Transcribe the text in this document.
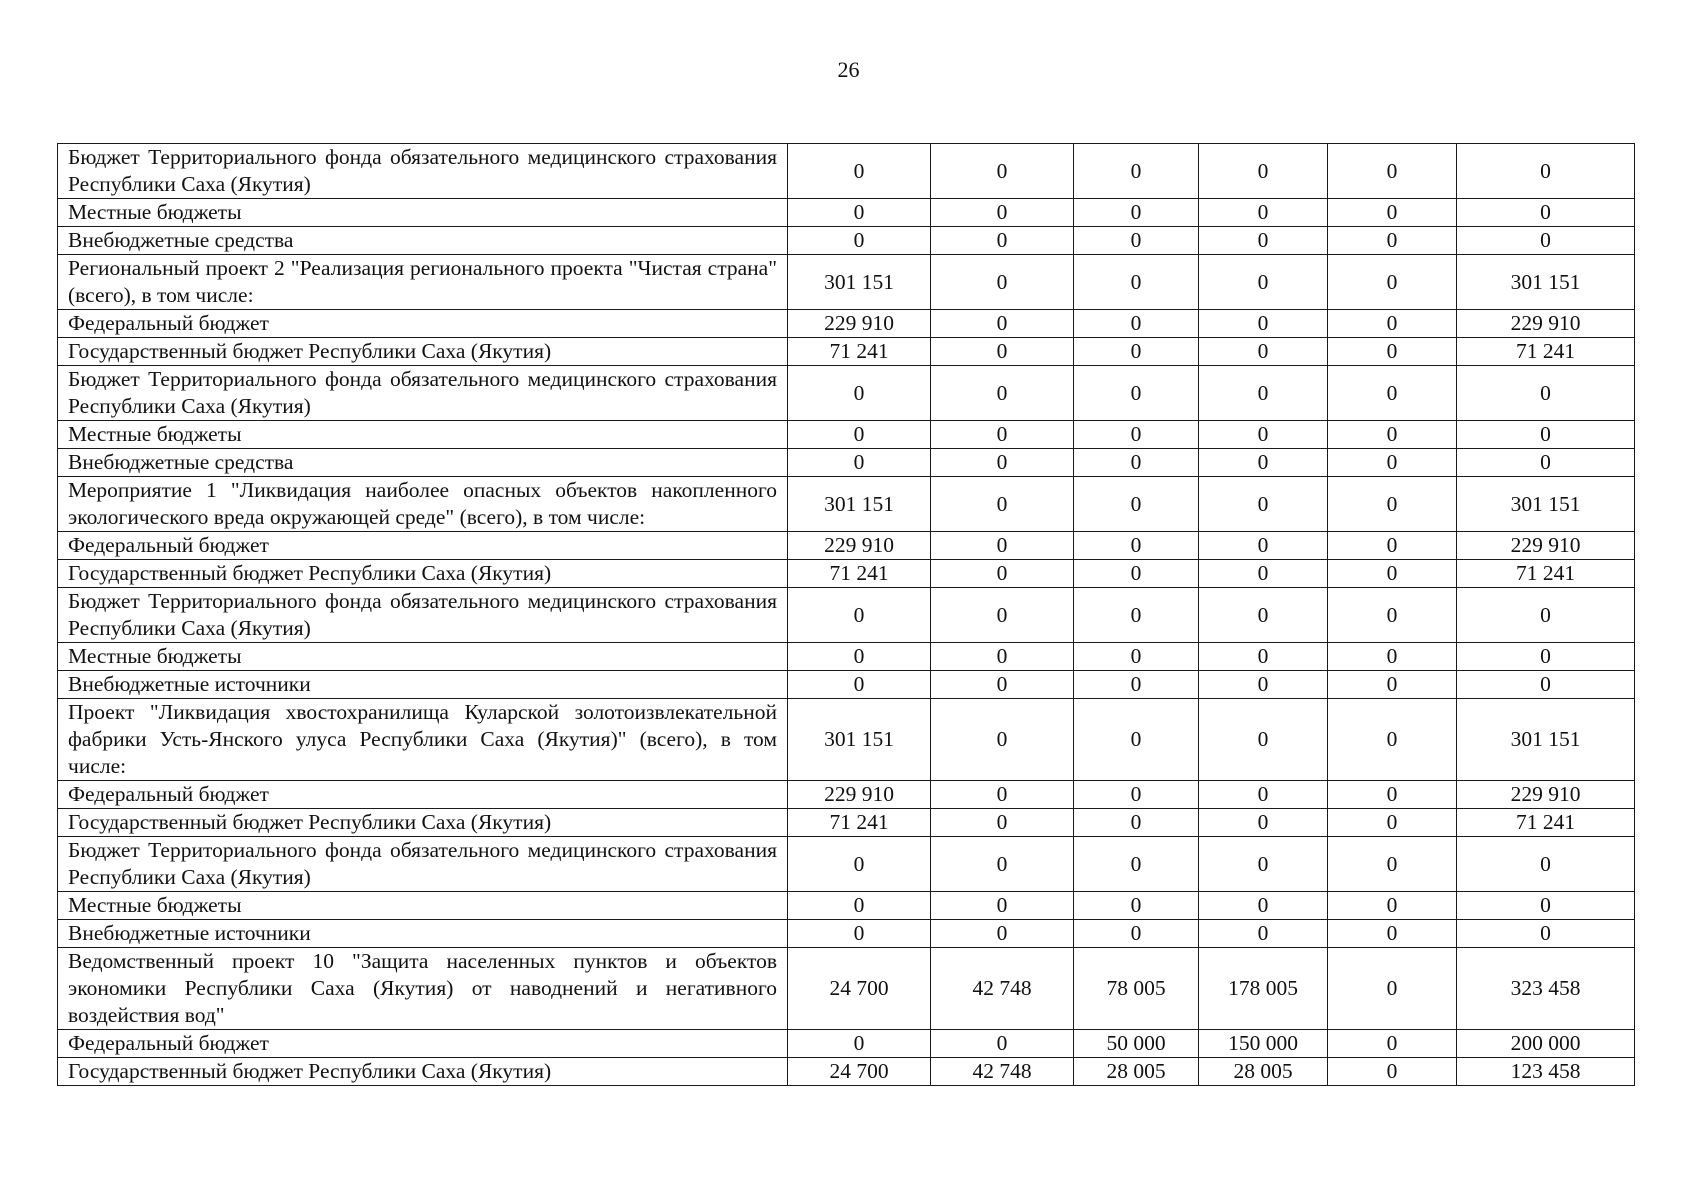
26
Бюджет Территориального фонда обязательного медицинского страхования Республики Саха (Якутия)	0	0	0	0	0	0
Местные бюджеты	0	0	0	0	0	0
Внебюджетные средства	0	0	0	0	0	0
Региональный проект 2 "Реализация регионального проекта "Чистая страна" (всего), в том числе:	301 151	0	0	0	0	301 151
Федеральный бюджет	229 910	0	0	0	0	229 910
Государственный бюджет Республики Саха (Якутия)	71 241	0	0	0	0	71 241
Бюджет Территориального фонда обязательного медицинского страхования Республики Саха (Якутия)	0	0	0	0	0	0
Местные бюджеты	0	0	0	0	0	0
Внебюджетные средства	0	0	0	0	0	0
Мероприятие 1 "Ликвидация наиболее опасных объектов накопленного экологического вреда окружающей среде" (всего), в том числе:	301 151	0	0	0	0	301 151
Федеральный бюджет	229 910	0	0	0	0	229 910
Государственный бюджет Республики Саха (Якутия)	71 241	0	0	0	0	71 241
Бюджет Территориального фонда обязательного медицинского страхования Республики Саха (Якутия)	0	0	0	0	0	0
Местные бюджеты	0	0	0	0	0	0
Внебюджетные источники	0	0	0	0	0	0
Проект "Ликвидация хвостохранилища Куларской золотоизвлекательной фабрики Усть-Янского улуса Республики Саха (Якутия)" (всего), в том числе:	301 151	0	0	0	0	301 151
Федеральный бюджет	229 910	0	0	0	0	229 910
Государственный бюджет Республики Саха (Якутия)	71 241	0	0	0	0	71 241
Бюджет Территориального фонда обязательного медицинского страхования Республики Саха (Якутия)	0	0	0	0	0	0
Местные бюджеты	0	0	0	0	0	0
Внебюджетные источники	0	0	0	0	0	0
Ведомственный проект 10 "Защита населенных пунктов и объектов экономики Республики Саха (Якутия) от наводнений и негативного воздействия вод"	24 700	42 748	78 005	178 005	0	323 458
Федеральный бюджет	0	0	50 000	150 000	0	200 000
Государственный бюджет Республики Саха (Якутия)	24 700	42 748	28 005	28 005	0	123 458
